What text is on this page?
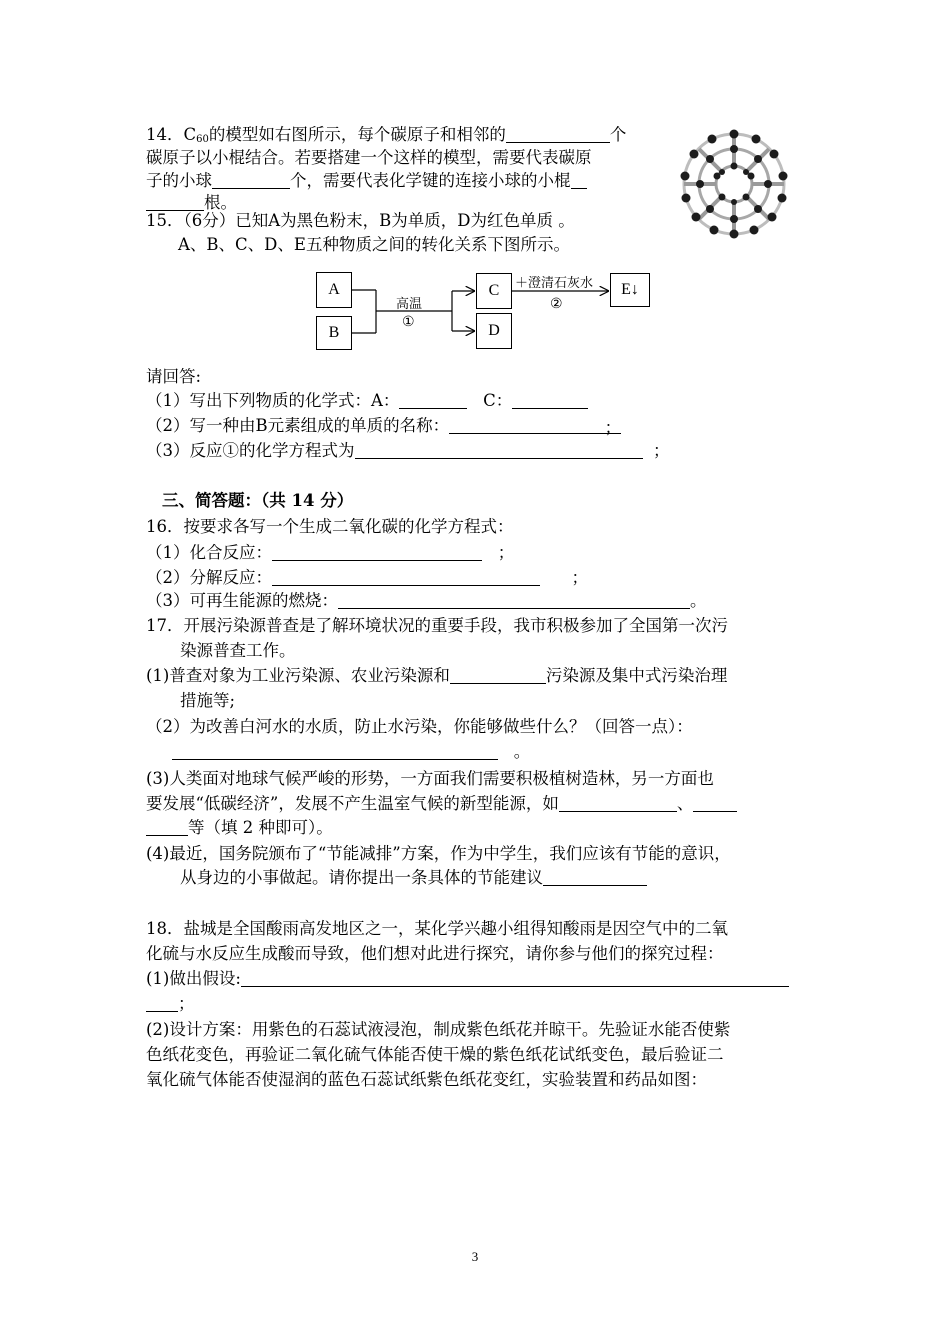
14．$C_{60}$的模型如右图所示，每个碳原子和相邻的	个
碳原子以小棍结合。若要搭建一个这样的模型，需要代表碳原
子的小球	个，需要代表化学键的连接小球的小棍
根。
15．（6分）已知A为黑色粉末，B为单质，D为红色单质 。
A、B、C、D、E五种物质之间的转化关系下图所示。
A
B
C
D
E↓
高温
①
＋澄清石灰水
②
请回答:
（1）写出下列物质的化学式：A：	C：
（2）写一种由B元素组成的单质的名称：	；
（3）反应①的化学方程式为	；
三、简答题：（共 14 分）
16．按要求各写一个生成二氧化碳的化学方程式：
（1）化合反应：	；
（2）分解反应：	；
（3）可再生能源的燃烧：	。
17．开展污染源普查是了解环境状况的重要手段，我市积极参加了全国第一次污
染源普查工作。
(1)普查对象为工业污染源、农业污染源和	污染源及集中式污染治理
措施等;
（2）为改善白河水的水质，防止水污染，你能够做些什么？（回答一点）：
。
(3)人类面对地球气候严峻的形势，一方面我们需要积极植树造林，另一方面也
要发展“低碳经济”，发展不产生温室气候的新型能源，如	、
等（填 2 种即可）。
(4)最近，国务院颁布了“节能减排”方案，作为中学生，我们应该有节能的意识，
从身边的小事做起。请你提出一条具体的节能建议
18．盐城是全国酸雨高发地区之一，某化学兴趣小组得知酸雨是因空气中的二氧
化硫与水反应生成酸而导致，他们想对此进行探究，请你参与他们的探究过程：
(1)做出假设:
；
(2)设计方案：用紫色的石蕊试液浸泡，制成紫色纸花并晾干。先验证水能否使紫
色纸花变色，再验证二氧化硫气体能否使干燥的紫色纸花试纸变色，最后验证二
氧化硫气体能否使湿润的蓝色石蕊试纸紫色纸花变红，实验装置和药品如图：
3
